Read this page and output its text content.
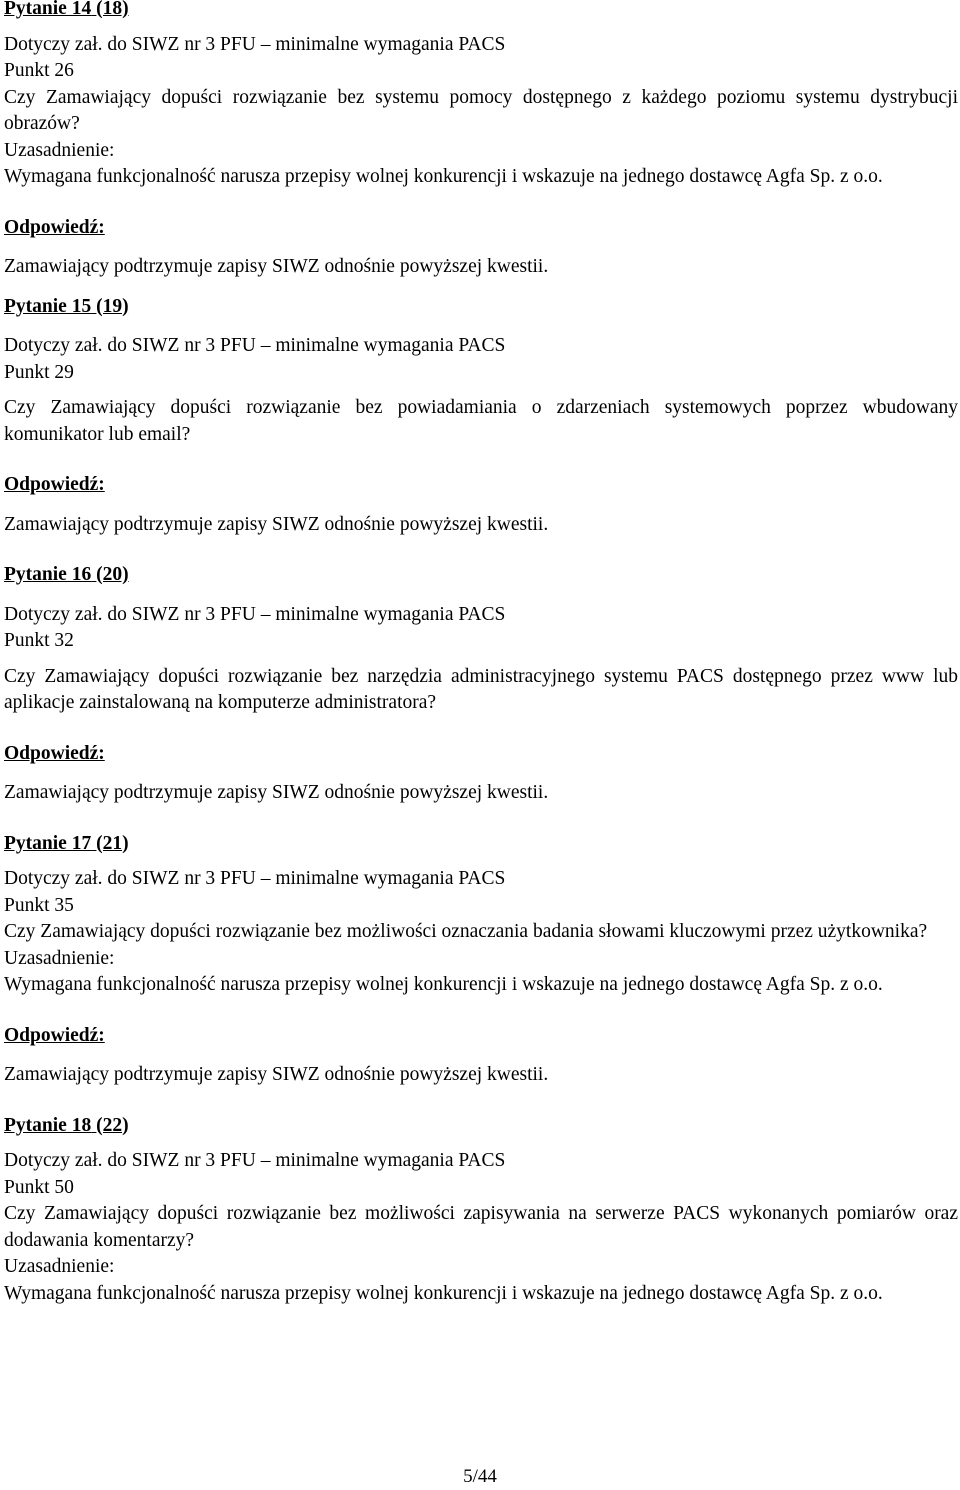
Pytanie 14 (18)

Dotyczy zał. do SIWZ nr 3 PFU – minimalne wymagania PACS

Punkt 26

Czy Zamawiający dopuści rozwiązanie bez systemu pomocy dostępnego z każdego poziomu systemu dystrybucji obrazów?

Uzasadnienie:

Wymagana funkcjonalność narusza przepisy wolnej konkurencji i wskazuje na jednego dostawcę Agfa Sp. z o.o.

Odpowiedź:

Zamawiający podtrzymuje zapisy SIWZ odnośnie powyższej kwestii.

Pytanie 15 (19)

Dotyczy zał. do SIWZ nr 3 PFU – minimalne wymagania PACS

Punkt 29

Czy Zamawiający dopuści rozwiązanie bez powiadamiania o zdarzeniach systemowych poprzez wbudowany komunikator lub email?

Odpowiedź:

Zamawiający podtrzymuje zapisy SIWZ odnośnie powyższej kwestii.

Pytanie 16 (20)

Dotyczy zał. do SIWZ nr 3 PFU – minimalne wymagania PACS

Punkt 32

Czy Zamawiający dopuści rozwiązanie bez narzędzia administracyjnego systemu PACS dostępnego przez www lub aplikacje zainstalowaną na komputerze administratora?

Odpowiedź:

Zamawiający podtrzymuje zapisy SIWZ odnośnie powyższej kwestii.

Pytanie 17 (21)

Dotyczy zał. do SIWZ nr 3 PFU – minimalne wymagania PACS

Punkt 35

Czy Zamawiający dopuści rozwiązanie bez możliwości oznaczania badania słowami kluczowymi przez użytkownika?

Uzasadnienie:

Wymagana funkcjonalność narusza przepisy wolnej konkurencji i wskazuje na jednego dostawcę Agfa Sp. z o.o.

Odpowiedź:

Zamawiający podtrzymuje zapisy SIWZ odnośnie powyższej kwestii.

Pytanie 18 (22)

Dotyczy zał. do SIWZ nr 3 PFU – minimalne wymagania PACS

Punkt 50

Czy Zamawiający dopuści rozwiązanie bez możliwości zapisywania na serwerze PACS wykonanych pomiarów oraz dodawania komentarzy?

Uzasadnienie:

Wymagana funkcjonalność narusza przepisy wolnej konkurencji i wskazuje na jednego dostawcę Agfa Sp. z o.o.

5/44
